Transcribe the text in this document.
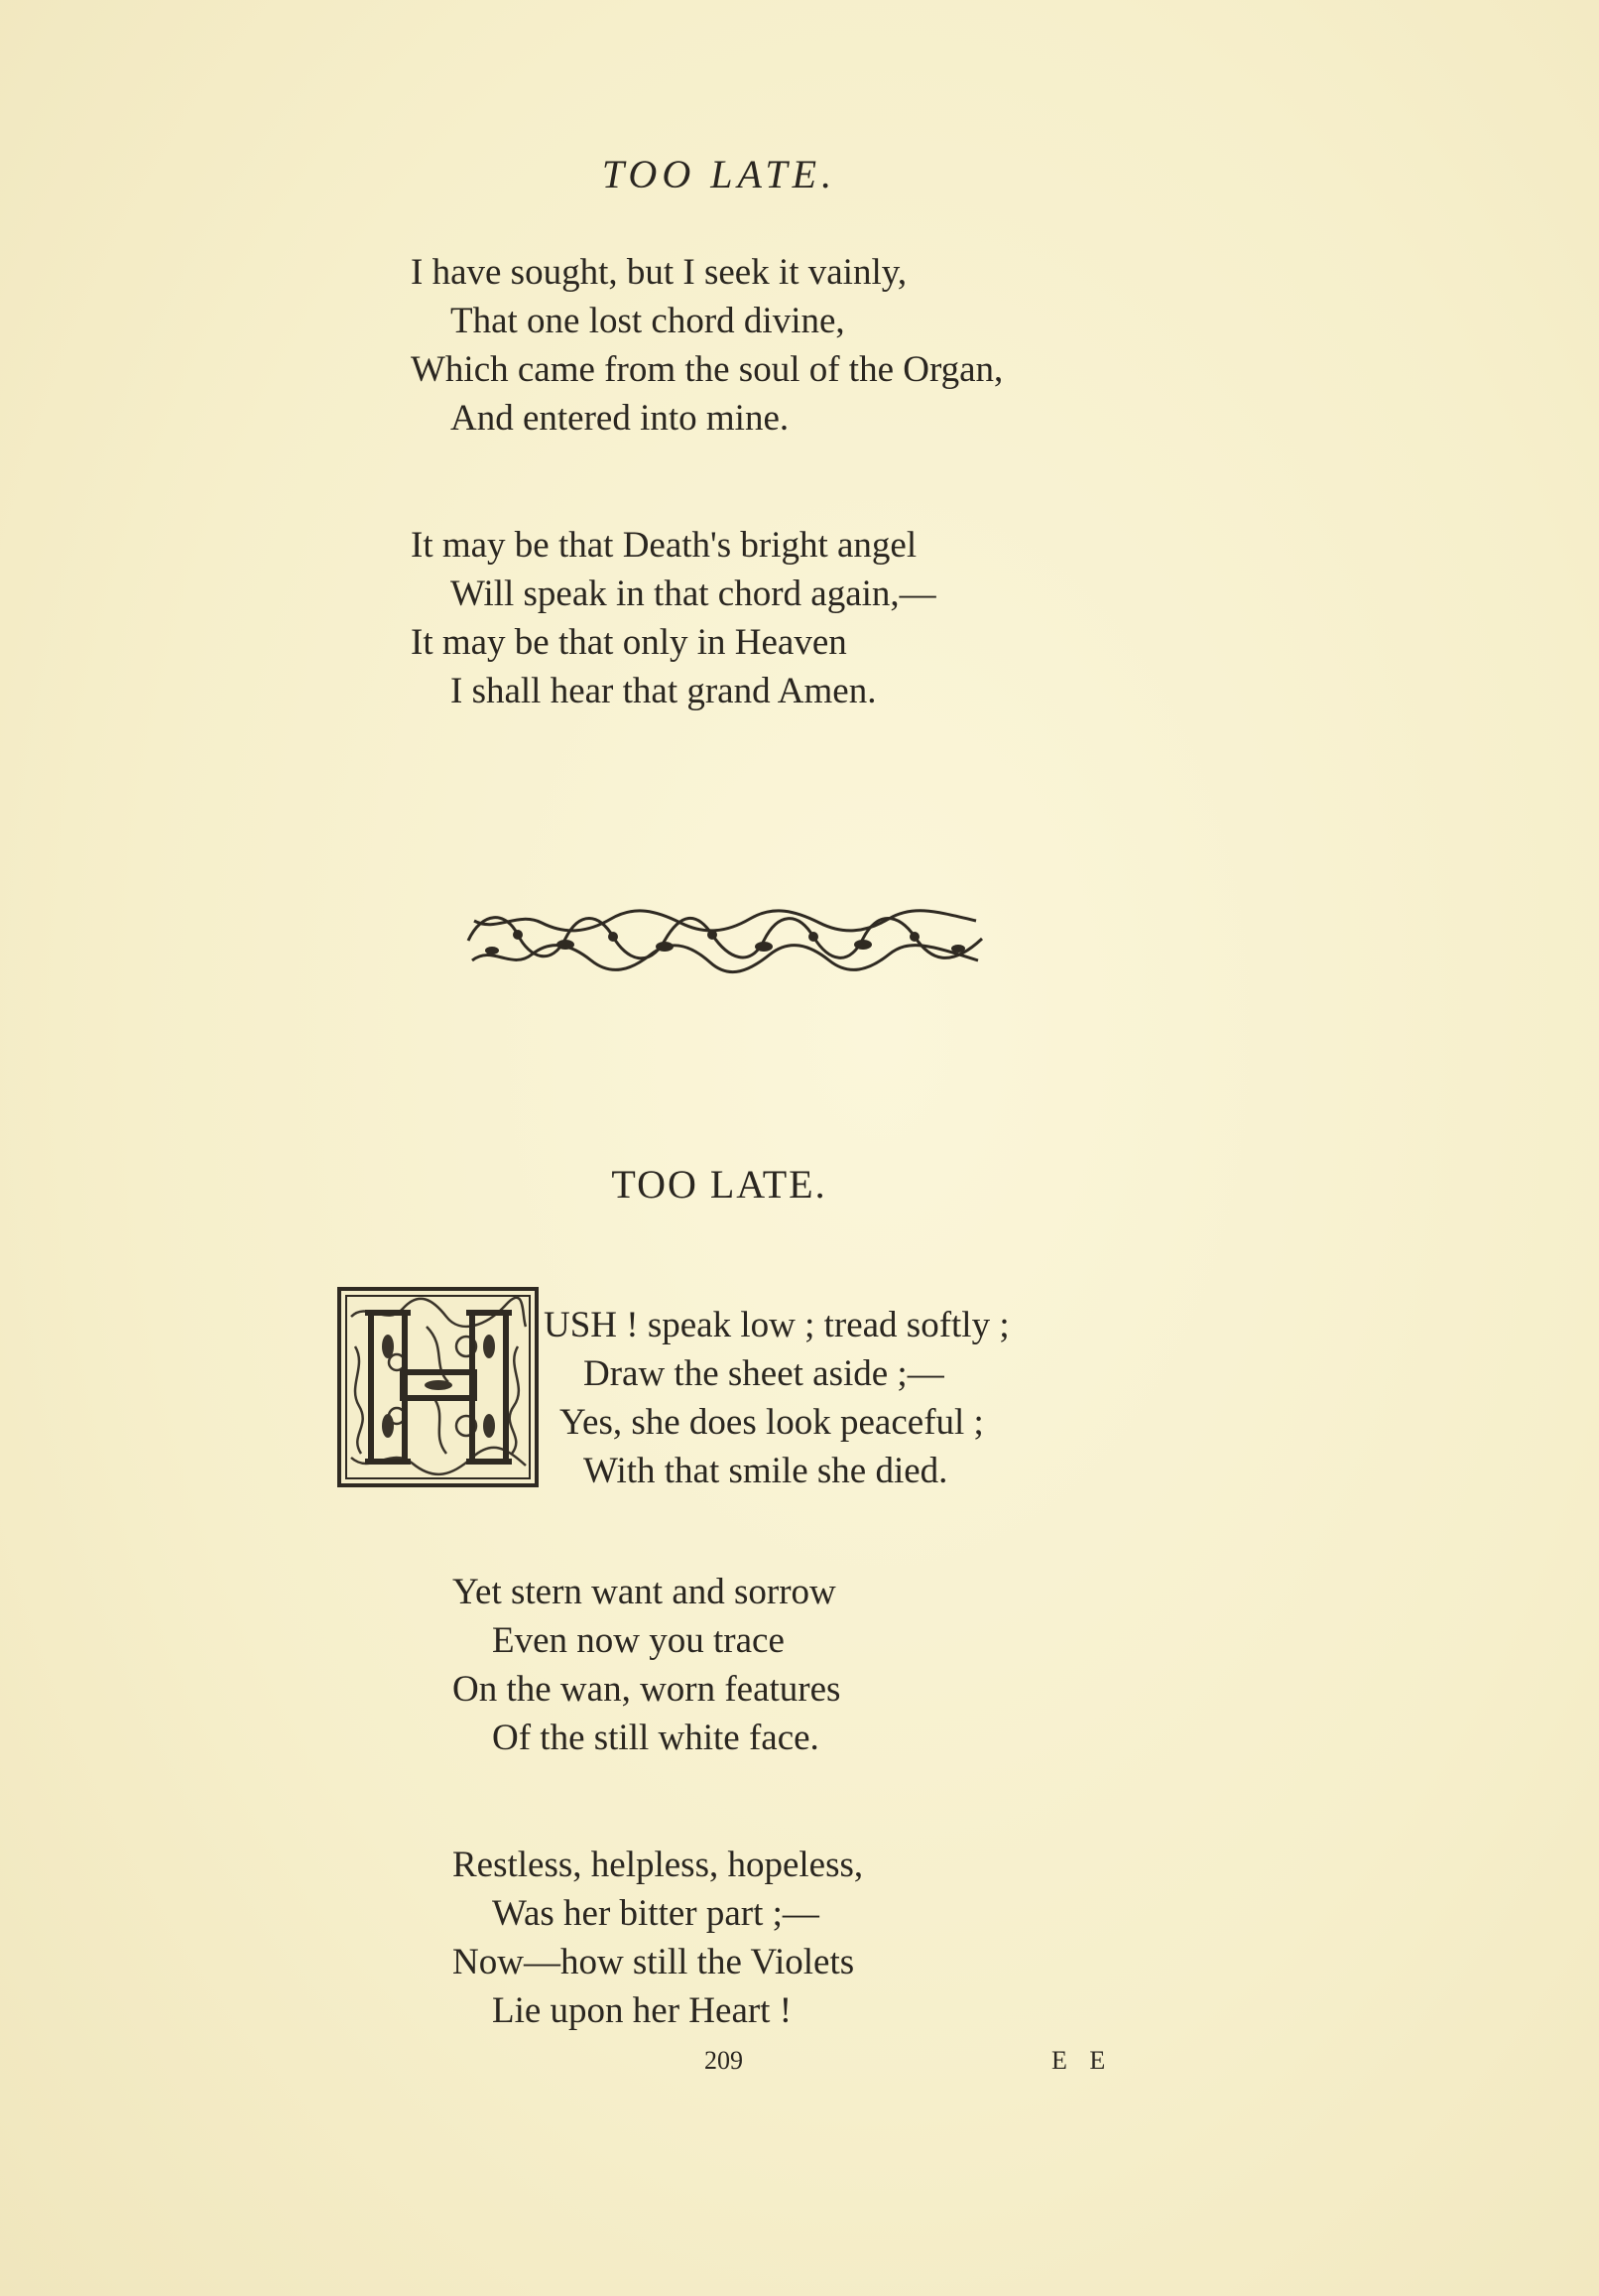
TOO LATE.
I have sought, but I seek it vainly,
That one lost chord divine,
Which came from the soul of the Organ,
And entered into mine.
It may be that Death's bright angel
Will speak in that chord again,—
It may be that only in Heaven
I shall hear that grand Amen.
TOO LATE.
USH ! speak low ; tread softly ;
Draw the sheet aside ;—
Yes, she does look peaceful ;
With that smile she died.
Yet stern want and sorrow
Even now you trace
On the wan, worn features
Of the still white face.
Restless, helpless, hopeless,
Was her bitter part ;—
Now—how still the Violets
Lie upon her Heart !
209	E E
